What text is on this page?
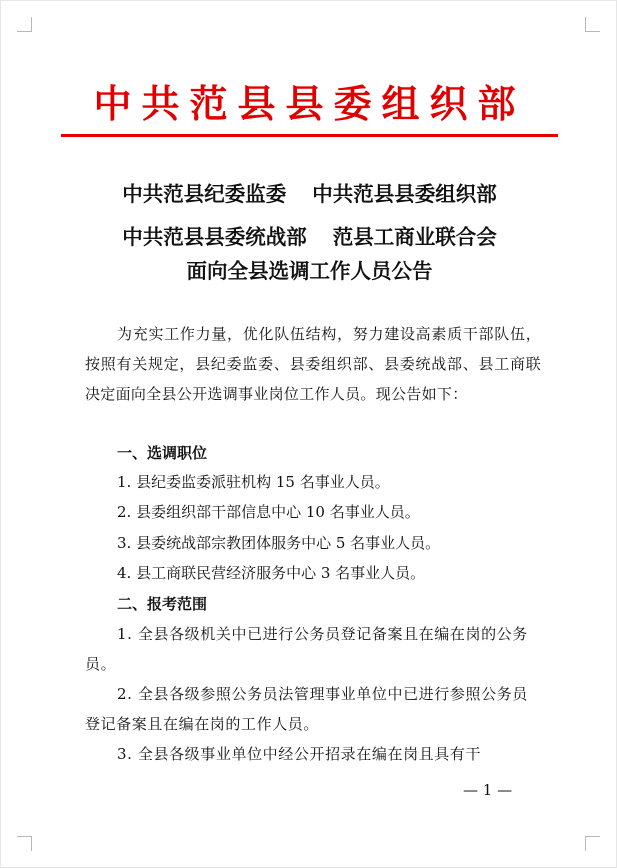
中共范县县委组织部
中共范县纪委监委 中共范县县委组织部
中共范县县委统战部 范县工商业联合会
面向全县选调工作人员公告

为充实工作力量，优化队伍结构，努力建设高素质干部队伍，按照有关规定，县纪委监委、县委组织部、县委统战部、县工商联决定面向全县公开选调事业岗位工作人员。现公告如下：

一、选调职位
1. 县纪委监委派驻机构 15 名事业人员。
2. 县委组织部干部信息中心 10 名事业人员。
3. 县委统战部宗教团体服务中心 5 名事业人员。
4. 县工商联民营经济服务中心 3 名事业人员。
二、报考范围

1. 全县各级机关中已进行公务员登记备案且在编在岗的公务员。

2. 全县各级参照公务员法管理事业单位中已进行参照公务员登记备案且在编在岗的工作人员。

3. 全县各级事业单位中经公开招录在编在岗且具有干

— 1 —
